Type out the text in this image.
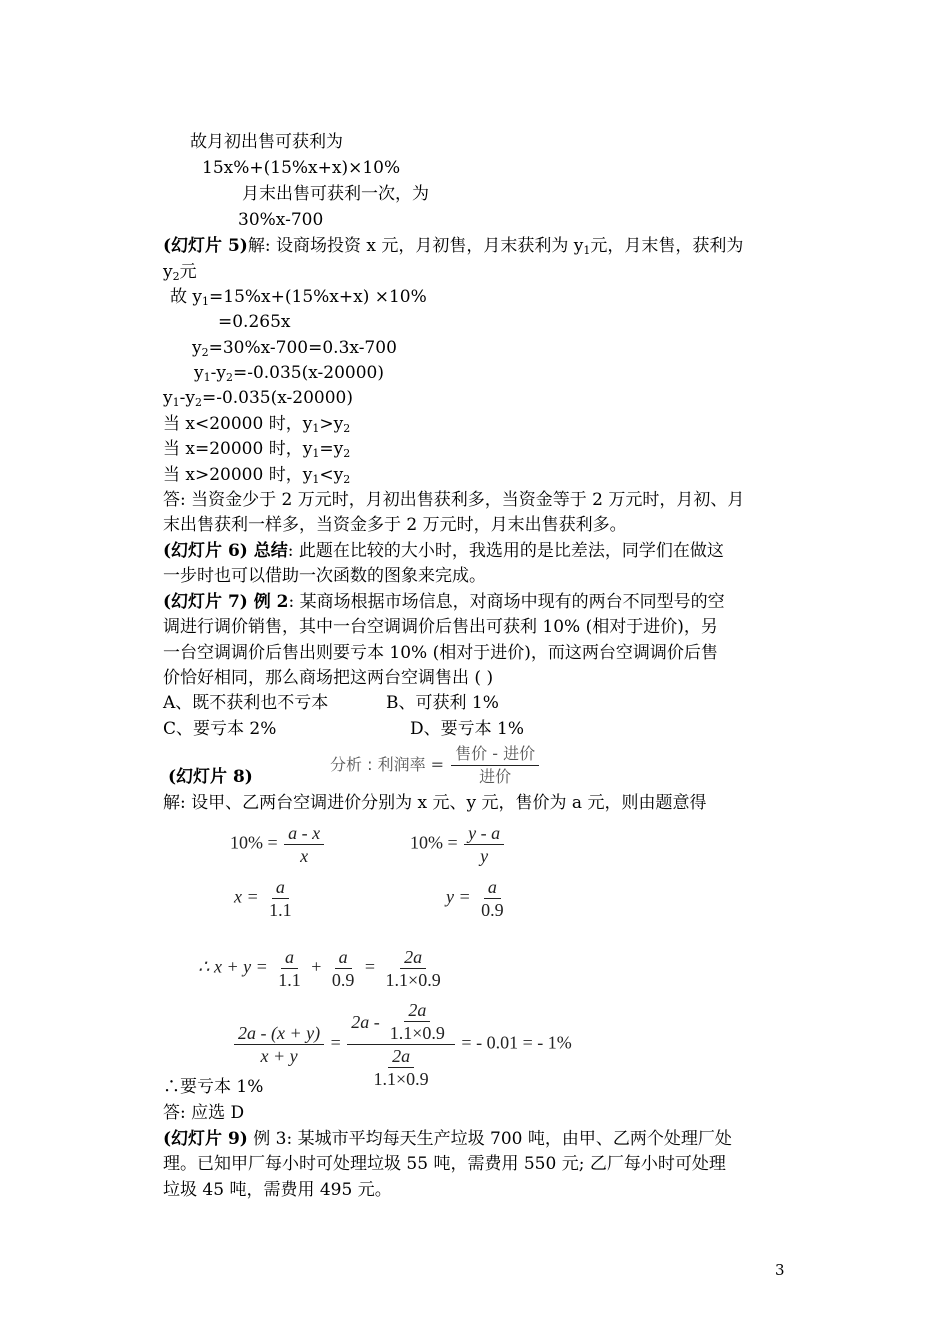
故月初出售可获利为
15x%+(15%x+x)×10%
月末出售可获利一次，为
30%x-700
(幻灯片 5)解: 设商场投资 x 元，月初售，月末获利为 $y_1$元，月末售，获利为
$y_2$元
故 $y_1=15\%x+(15\%x+x) \times 10\%$
=0.265x
$y_2=30\%x-700=0.3x-700$
$y_1-y_2=-0.035(x-20000)$
$y_1-y_2=-0.035(x-20000)$
当 x<20000 时，$y_1>y_2$
当 x=20000 时，$y_1=y_2$
当 x>20000 时，$y_1<y_2$
答: 当资金少于 2 万元时，月初出售获利多，当资金等于 2 万元时，月初、月
末出售获利一样多，当资金多于 2 万元时，月末出售获利多。
(幻灯片 6) 总结: 此题在比较的大小时，我选用的是比差法，同学们在做这
一步时也可以借助一次函数的图象来完成。
(幻灯片 7) 例 2: 某商场根据市场信息，对商场中现有的两台不同型号的空
调进行调价销售，其中一台空调调价后售出可获利 10% (相对于进价)，另
一台空调调价后售出则要亏本 10% (相对于进价)，而这两台空调调价后售
价恰好相同，那么商场把这两台空调售出 ( )
A、既不获利也不亏本	B、可获利 1%
C、要亏本 2%	D、要亏本 1%
(幻灯片 8)
分析 : 利润率 = $\frac{\text{售价 - 进价}}{\text{进价}}$
解: 设甲、乙两台空调进价分别为 x 元、y 元，售价为 a 元，则由题意得
$10\% = \frac{a - x}{x}$	$10\% = \frac{y - a}{y}$
$x = \frac{a}{1.1}$	$y = \frac{a}{0.9}$
∴ $x + y = \frac{a}{1.1} + \frac{a}{0.9} = \frac{2a}{1.1\times 0.9}$
$\frac{2a - (x + y)}{x + y} = \frac{2a - \frac{2a}{1.1\times 0.9}}{\frac{2a}{1.1\times 0.9}}$ = - 0.01 = - 1%
∴要亏本 1%
答: 应选 D
(幻灯片 9) 例 3: 某城市平均每天生产垃圾 700 吨，由甲、乙两个处理厂处
理。已知甲厂每小时可处理垃圾 55 吨，需费用 550 元; 乙厂每小时可处理
垃圾 45 吨，需费用 495 元。
3
